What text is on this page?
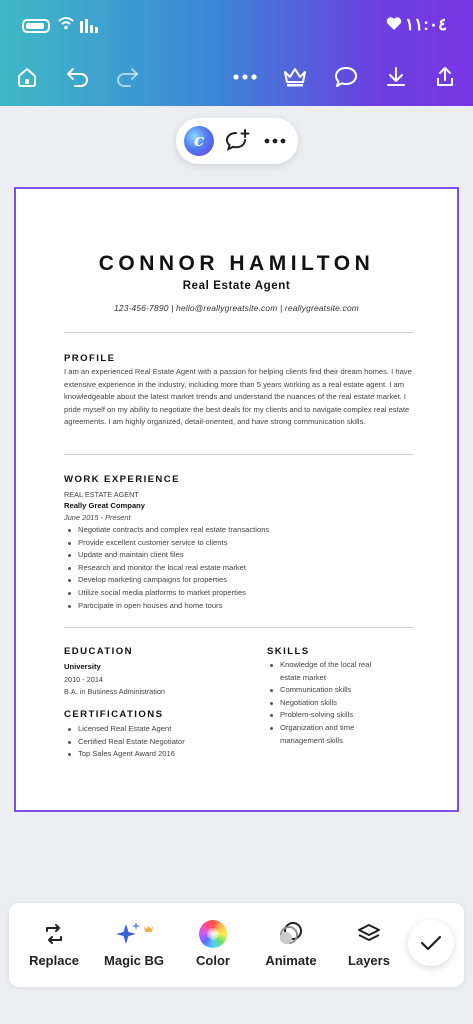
١١:٠٤
c
CONNOR HAMILTON
Real Estate Agent
123-456-7890 | hello@reallygreatsite.com | reallygreatsite.com
PROFILE
I am an experienced Real Estate Agent with a passion for helping clients find their dream homes. I have extensive experience in the industry, including more than 5 years working as a real estate agent. I am knowledgeable about the latest market trends and understand the nuances of the real estate market. I pride myself on my ability to negotiate the best deals for my clients and to navigate complex real estate agreements. I am highly organized, detail-oriented, and have strong communication skills.
WORK EXPERIENCE
REAL ESTATE AGENT
Really Great Company
June 2015 - Present
Negotiate contracts and complex real estate transactions
Provide excellent customer service to clients
Update and maintain client files
Research and monitor the local real estate market
Develop marketing campaigns for properties
Utilize social media platforms to market properties
Participate in open houses and home tours
EDUCATION
University
2010 - 2014
B.A. in Business Administration
CERTIFICATIONS
Licensed Real Estate Agent
Certified Real Estate Negotiator
Top Sales Agent Award 2016
SKILLS
Knowledge of the local real estate market
Communication skills
Negotiation skills
Problem-solving skills
Organization and time management skills
Replace	Magic BG	Color	Animate	Layers
